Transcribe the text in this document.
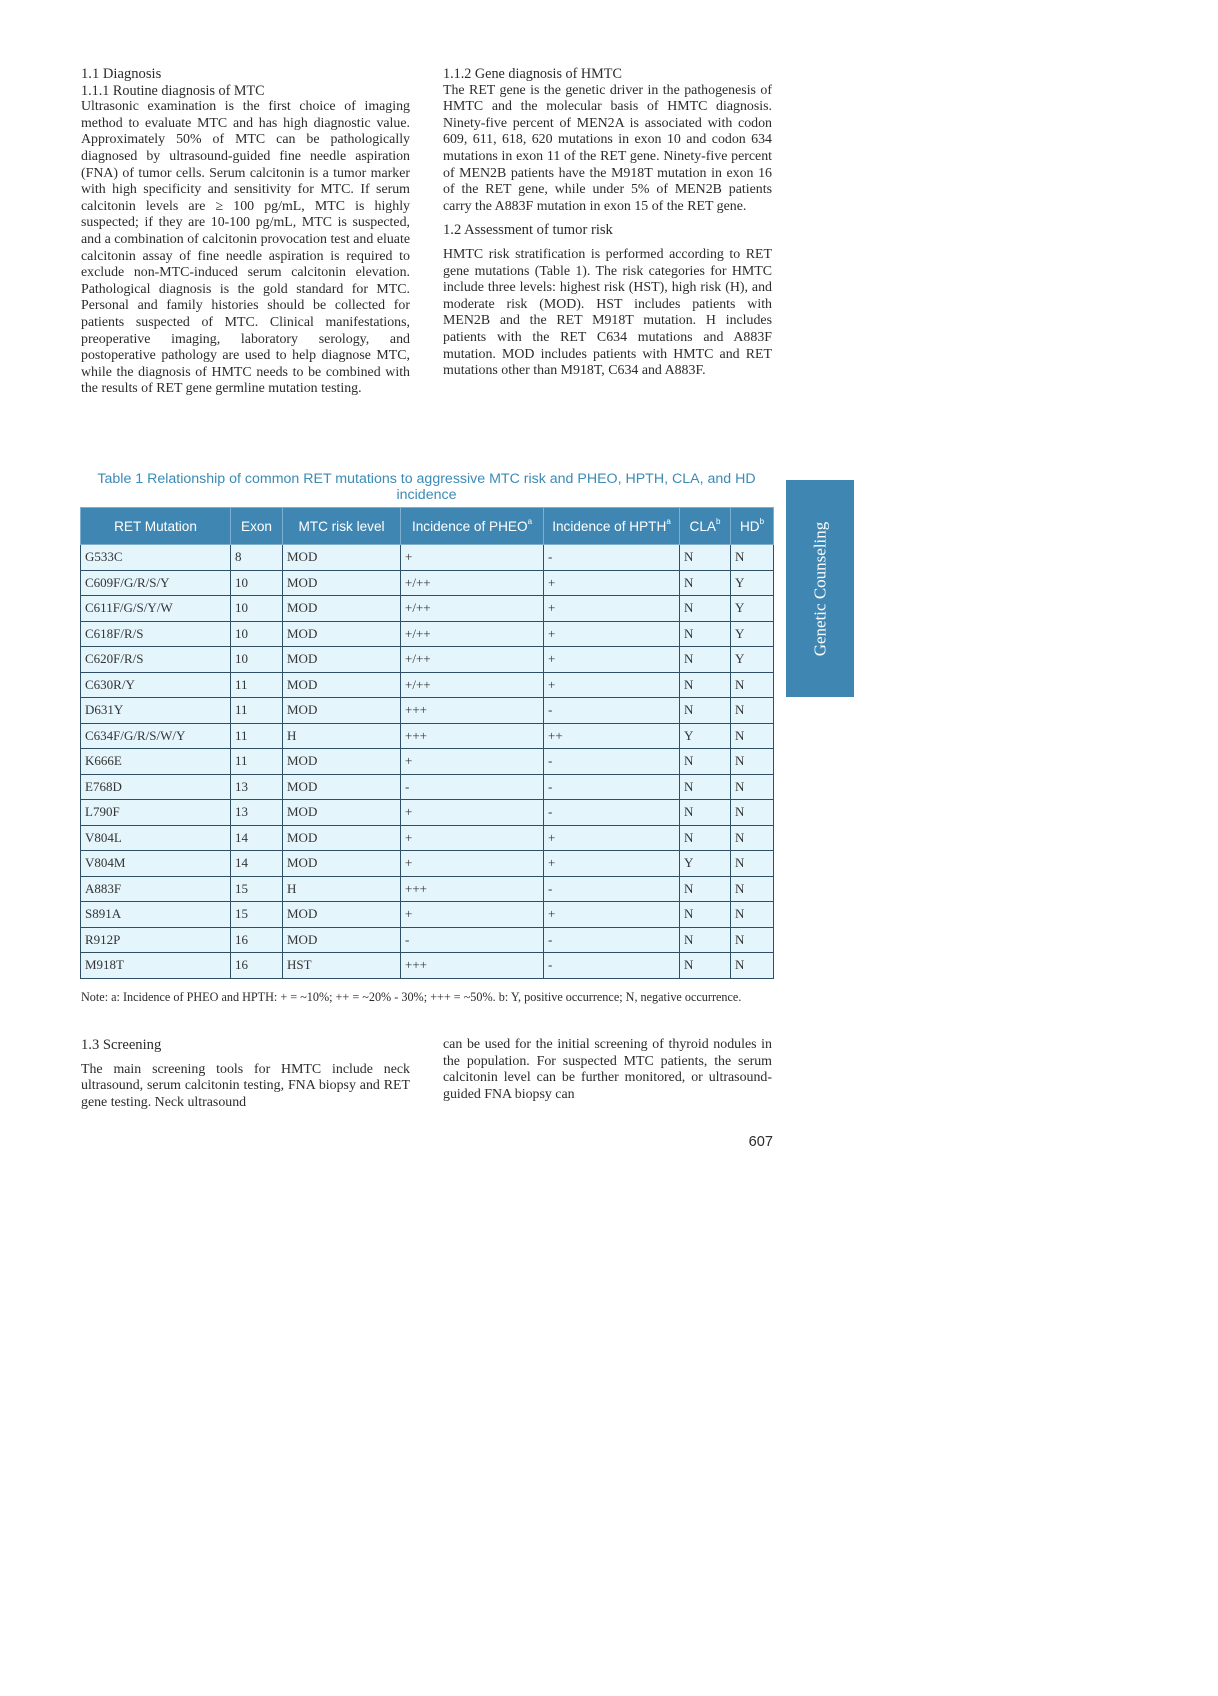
1.1 Diagnosis

1.1.1 Routine diagnosis of MTC

Ultrasonic examination is the first choice of imaging method to evaluate MTC and has high diagnostic value. Approximately 50% of MTC can be pathologically diagnosed by ultrasound-guided fine needle aspiration (FNA) of tumor cells. Serum calcitonin is a tumor marker with high specificity and sensitivity for MTC. If serum calcitonin levels are ≥ 100 pg/mL, MTC is highly suspected; if they are 10-100 pg/mL, MTC is suspected, and a combination of calcitonin provocation test and eluate calcitonin assay of fine needle aspiration is required to exclude non-MTC-induced serum calcitonin elevation. Pathological diagnosis is the gold standard for MTC. Personal and family histories should be collected for patients suspected of MTC. Clinical manifestations, preoperative imaging, laboratory serology, and postoperative pathology are used to help diagnose MTC, while the diagnosis of HMTC needs to be combined with the results of RET gene germline mutation testing.

1.1.2 Gene diagnosis of HMTC

The RET gene is the genetic driver in the pathogenesis of HMTC and the molecular basis of HMTC diagnosis. Ninety-five percent of MEN2A is associated with codon 609, 611, 618, 620 mutations in exon 10 and codon 634 mutations in exon 11 of the RET gene. Ninety-five percent of MEN2B patients have the M918T mutation in exon 16 of the RET gene, while under 5% of MEN2B patients carry the A883F mutation in exon 15 of the RET gene.

1.2 Assessment of tumor risk

HMTC risk stratification is performed according to RET gene mutations (Table 1). The risk categories for HMTC include three levels: highest risk (HST), high risk (H), and moderate risk (MOD). HST includes patients with MEN2B and the RET M918T mutation. H includes patients with the RET C634 mutations and A883F mutation. MOD includes patients with HMTC and RET mutations other than M918T, C634 and A883F.

Table 1 Relationship of common RET mutations to aggressive MTC risk and PHEO, HPTH, CLA, and HD incidence
RET Mutation	Exon	MTC risk level	Incidence of PHEO$^a$	Incidence of HPTH$^a$	CLA$^b$	$HD^b$
G533C	8	MOD	+	-	N	N
C609F/G/R/S/Y	10	MOD	+/++	+	N	Y
C611F/G/S/Y/W	10	MOD	+/++	+	N	Y
C618F/R/S	10	MOD	+/++	+	N	Y
C620F/R/S	10	MOD	+/++	+	N	Y
C630R/Y	11	MOD	+/++	+	N	N
D631Y	11	MOD	+++	-	N	N
C634F/G/R/S/W/Y	11	H	+++	++	Y	N
K666E	11	MOD	+	-	N	N
E768D	13	MOD	-	-	N	N
L790F	13	MOD	+	-	N	N
V804L	14	MOD	+	+	N	N
V804M	14	MOD	+	+	Y	N
A883F	15	H	+++	-	N	N
S891A	15	MOD	+	+	N	N
R912P	16	MOD	-	-	N	N
M918T	16	HST	+++	-	N	N
Note: a: Incidence of PHEO and HPTH: + = ~10%; ++ = ~20% - 30%; +++ = ~50%. b: Y, positive occurrence; N, negative occurrence.

1.3 Screening

The main screening tools for HMTC include neck ultrasound, serum calcitonin testing, FNA biopsy and RET gene testing. Neck ultrasound

can be used for the initial screening of thyroid nodules in the population. For suspected MTC patients, the serum calcitonin level can be further monitored, or ultrasound-guided FNA biopsy can

607
Genetic Counseling
